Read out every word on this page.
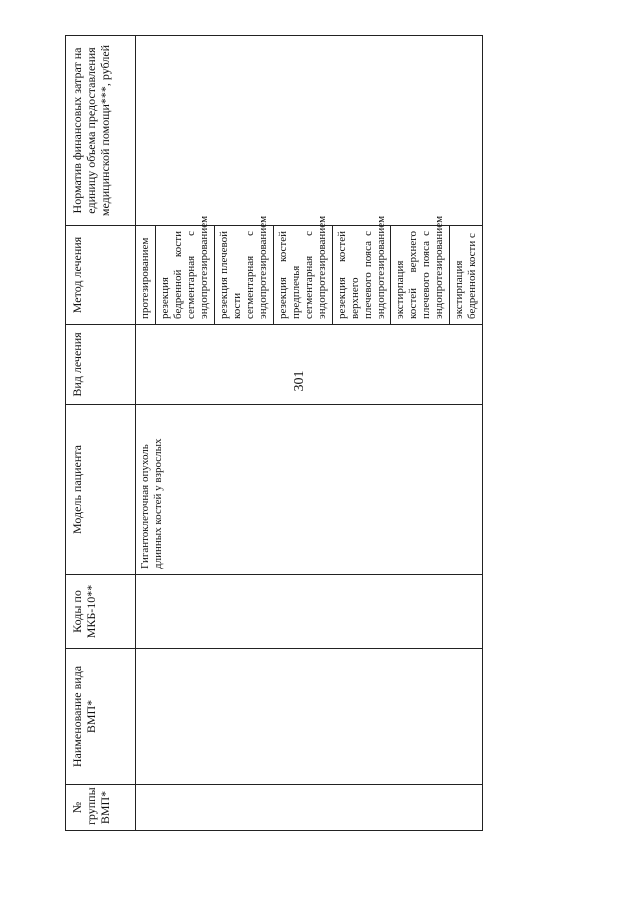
301
№ группы ВМП*	Наименование вида ВМП*	Коды по МКБ-10**	Модель пациента	Вид лечения	Метод лечения	Норматив финансовых затрат на единицу объема предоставления медицинской помощи***, рублей
			Гигантоклеточная опухоль длинных костей у взрослых		протезированием	
					резекция бедренной кости сегментарная с эндопротезированием	
					резекция плечевой кости сегментарная с эндопротезированием	
					резекция костей предплечья сегментарная с эндопротезированием	
					резекция костей верхнего плечевого пояса с эндопротезированием	
					экстирпация костей верхнего плечевого пояса с эндопротезированием	
					экстирпация бедренной кости с	
